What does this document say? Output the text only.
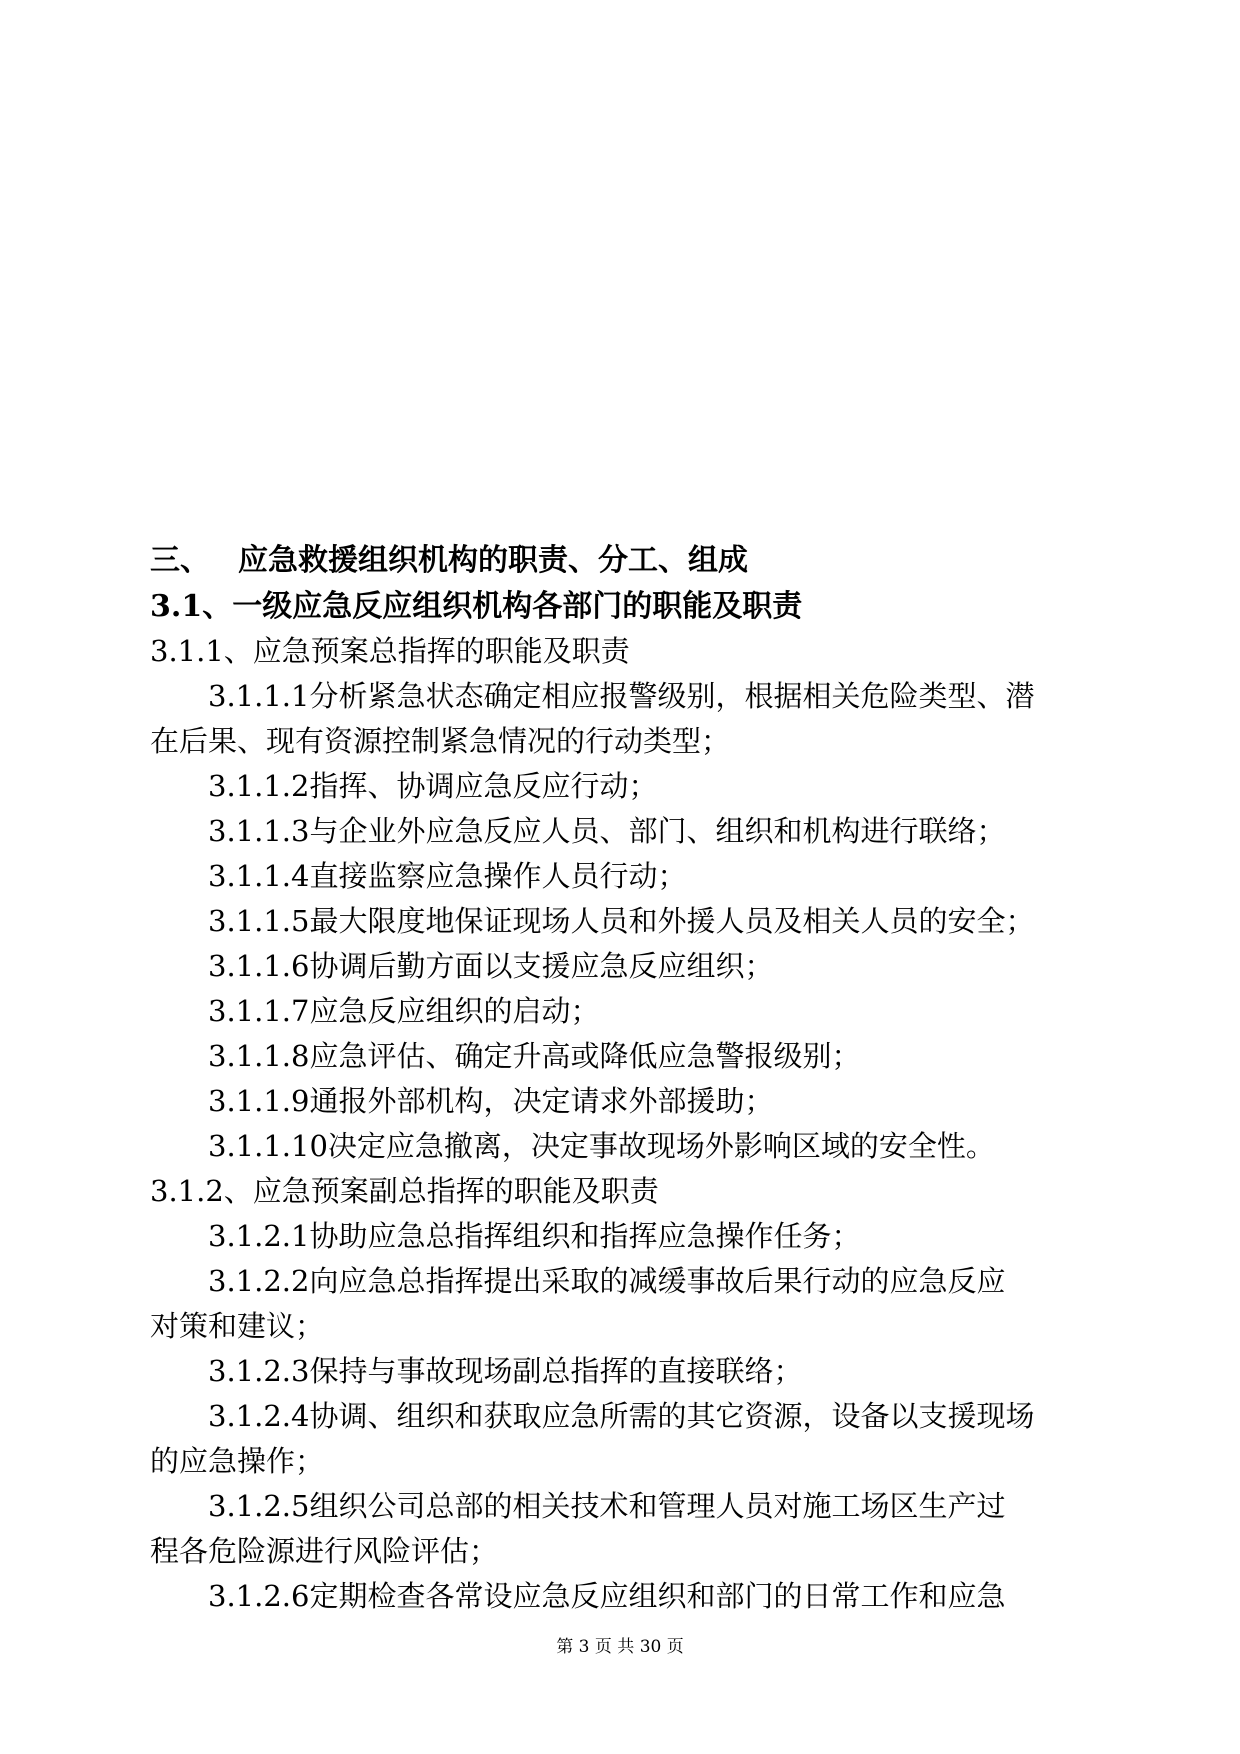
三、 应急救援组织机构的职责、分工、组成
3.1、一级应急反应组织机构各部门的职能及职责
3.1.1、应急预案总指挥的职能及职责
3.1.1.1分析紧急状态确定相应报警级别，根据相关危险类型、潜
在后果、现有资源控制紧急情况的行动类型；
3.1.1.2指挥、协调应急反应行动；
3.1.1.3与企业外应急反应人员、部门、组织和机构进行联络；
3.1.1.4直接监察应急操作人员行动；
3.1.1.5最大限度地保证现场人员和外援人员及相关人员的安全；
3.1.1.6协调后勤方面以支援应急反应组织；
3.1.1.7应急反应组织的启动；
3.1.1.8应急评估、确定升高或降低应急警报级别；
3.1.1.9通报外部机构，决定请求外部援助；
3.1.1.10决定应急撤离，决定事故现场外影响区域的安全性。
3.1.2、应急预案副总指挥的职能及职责
3.1.2.1协助应急总指挥组织和指挥应急操作任务；
3.1.2.2向应急总指挥提出采取的减缓事故后果行动的应急反应
对策和建议；
3.1.2.3保持与事故现场副总指挥的直接联络；
3.1.2.4协调、组织和获取应急所需的其它资源，设备以支援现场
的应急操作；
3.1.2.5组织公司总部的相关技术和管理人员对施工场区生产过
程各危险源进行风险评估；
3.1.2.6定期检查各常设应急反应组织和部门的日常工作和应急
第 3 页 共 30 页
